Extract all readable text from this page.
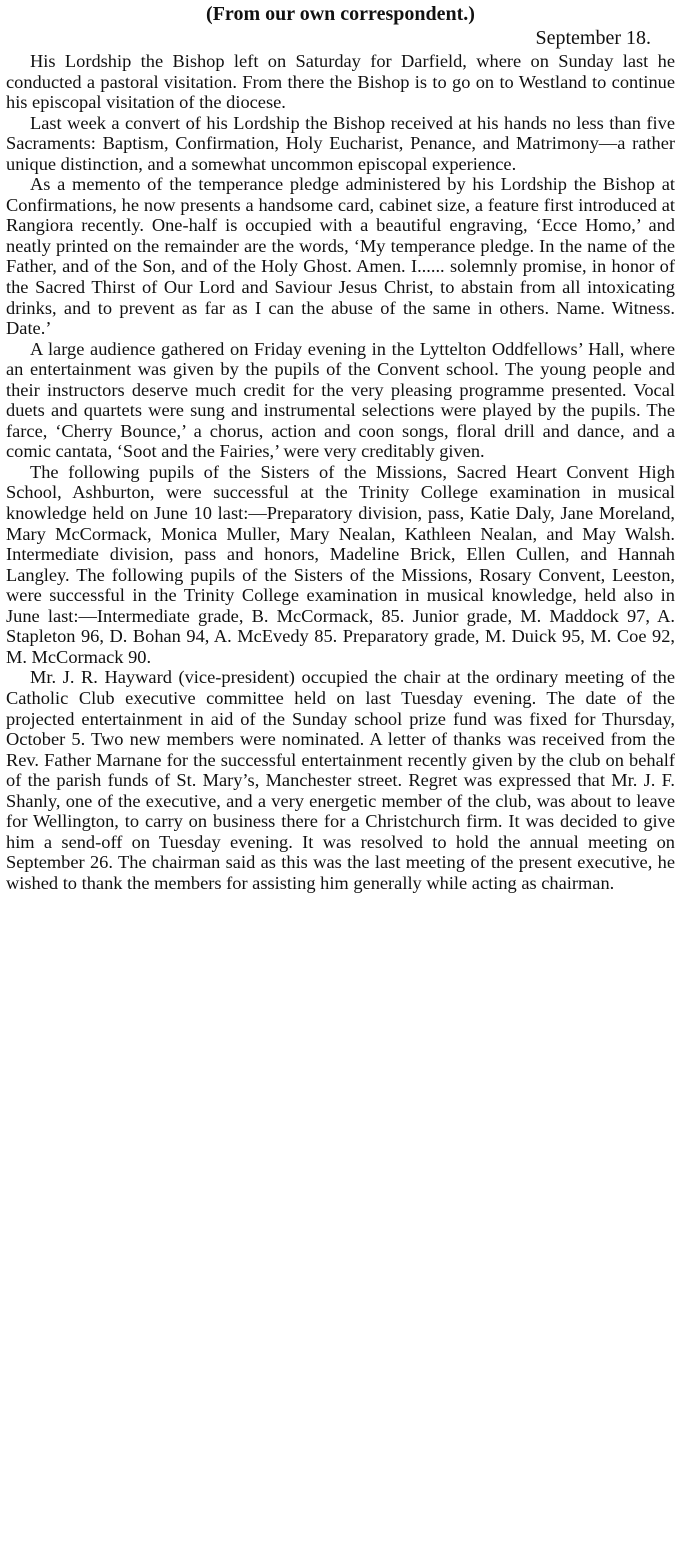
(From our own correspondent.)
September 18.

His Lordship the Bishop left on Saturday for Darfield, where on Sunday last he conducted a pastoral visitation. From there the Bishop is to go on to Westland to continue his episcopal visitation of the diocese.

Last week a convert of his Lordship the Bishop received at his hands no less than five Sacraments: Baptism, Confirmation, Holy Eucharist, Penance, and Matrimony—a rather unique distinction, and a somewhat uncommon episcopal experience.

As a memento of the temperance pledge administered by his Lordship the Bishop at Confirmations, he now presents a handsome card, cabinet size, a feature first introduced at Rangiora recently. One-half is occupied with a beautiful engraving, ‘Ecce Homo,’ and neatly printed on the remainder are the words, ‘My temperance pledge. In the name of the Father, and of the Son, and of the Holy Ghost. Amen. I...... solemnly promise, in honor of the Sacred Thirst of Our Lord and Saviour Jesus Christ, to abstain from all intoxicating drinks, and to prevent as far as I can the abuse of the same in others. Name. Witness. Date.’

A large audience gathered on Friday evening in the Lyttelton Oddfellows’ Hall, where an entertainment was given by the pupils of the Convent school. The young people and their instructors deserve much credit for the very pleasing programme presented. Vocal duets and quartets were sung and instrumental selections were played by the pupils. The farce, ‘Cherry Bounce,’ a chorus, action and coon songs, floral drill and dance, and a comic cantata, ‘Soot and the Fairies,’ were very creditably given.

The following pupils of the Sisters of the Missions, Sacred Heart Convent High School, Ashburton, were successful at the Trinity College examination in musical knowledge held on June 10 last:—Preparatory division, pass, Katie Daly, Jane Moreland, Mary McCormack, Monica Muller, Mary Nealan, Kathleen Nealan, and May Walsh. Intermediate division, pass and honors, Madeline Brick, Ellen Cullen, and Hannah Langley. The following pupils of the Sisters of the Missions, Rosary Convent, Leeston, were successful in the Trinity College examination in musical knowledge, held also in June last:—Intermediate grade, B. McCormack, 85. Junior grade, M. Maddock 97, A. Stapleton 96, D. Bohan 94, A. McEvedy 85. Preparatory grade, M. Duick 95, M. Coe 92, M. McCormack 90.

Mr. J. R. Hayward (vice-president) occupied the chair at the ordinary meeting of the Catholic Club executive committee held on last Tuesday evening. The date of the projected entertainment in aid of the Sunday school prize fund was fixed for Thursday, October 5. Two new members were nominated. A letter of thanks was received from the Rev. Father Marnane for the successful entertainment recently given by the club on behalf of the parish funds of St. Mary’s, Manchester street. Regret was expressed that Mr. J. F. Shanly, one of the executive, and a very energetic member of the club, was about to leave for Wellington, to carry on business there for a Christchurch firm. It was decided to give him a send-off on Tuesday evening. It was resolved to hold the annual meeting on September 26. The chairman said as this was the last meeting of the present executive, he wished to thank the members for assisting him generally while acting as chairman.
